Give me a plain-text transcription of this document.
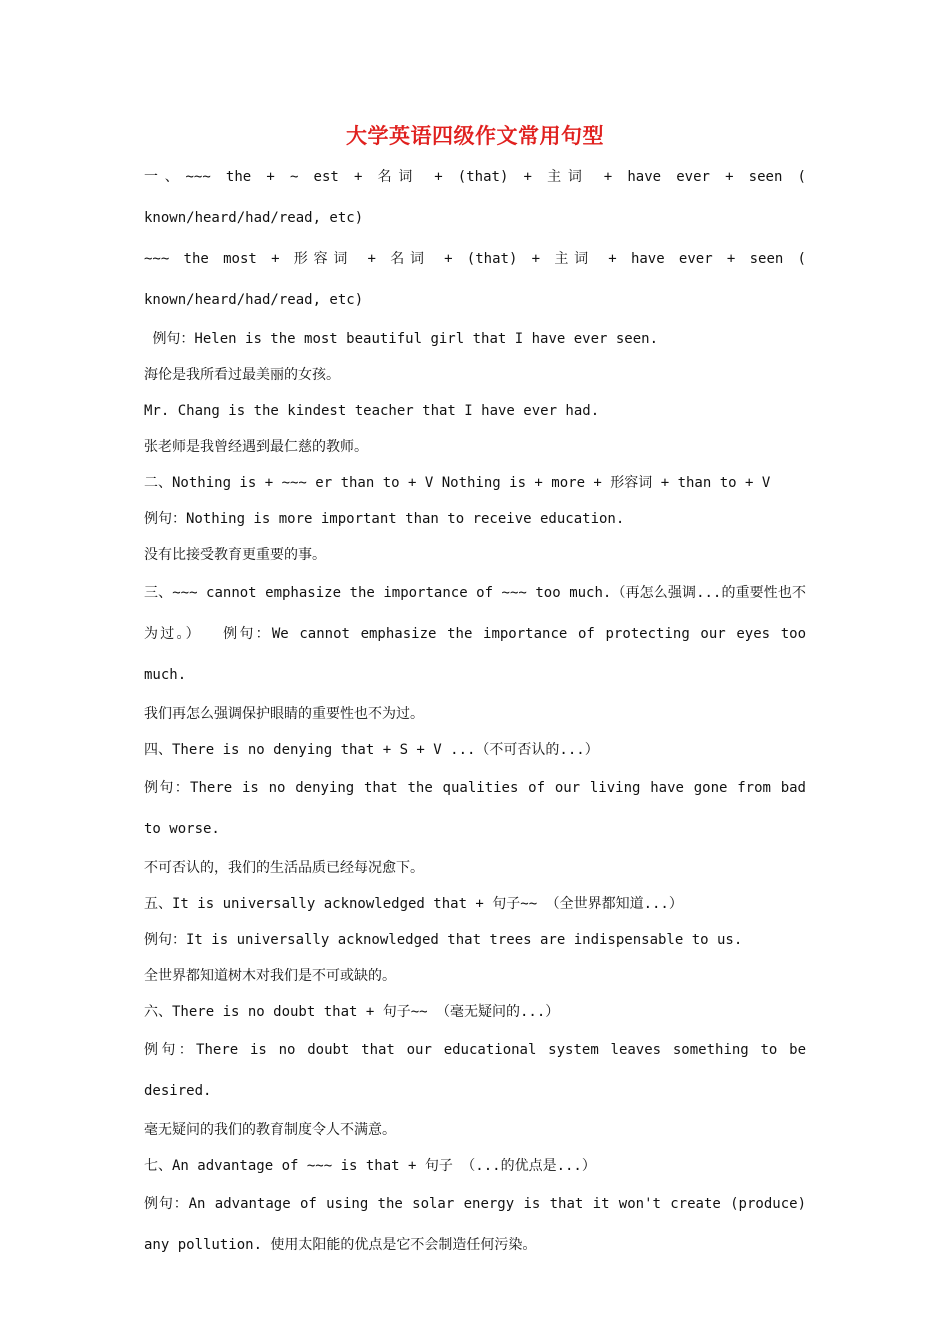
大学英语四级作文常用句型

一、~~~ the + ~ est + 名词 + (that) + 主词 + have ever + seen ( known/heard/had/read, etc)

~~~ the most + 形容词 + 名词 + (that) + 主词 + have ever + seen ( known/heard/had/read, etc)

例句：Helen is the most beautiful girl that I have ever seen.

海伦是我所看过最美丽的女孩。

Mr. Chang is the kindest teacher that I have ever had.

张老师是我曾经遇到最仁慈的教师。

二、Nothing is + ~~~ er than to + V Nothing is + more + 形容词 + than to + V

例句：Nothing is more important than to receive education.

没有比接受教育更重要的事。

三、~~~ cannot emphasize the importance of ~~~ too much.（再怎么强调...的重要性也不为过。）  例句：We cannot emphasize the importance of protecting our eyes too much.

我们再怎么强调保护眼睛的重要性也不为过。

四、There is no denying that + S + V ...（不可否认的...）

例句：There is no denying that the qualities of our living have gone from bad to worse.

不可否认的，我们的生活品质已经每况愈下。

五、It is universally acknowledged that + 句子~~ （全世界都知道...）

例句：It is universally acknowledged that trees are indispensable to us.

全世界都知道树木对我们是不可或缺的。

六、There is no doubt that + 句子~~ （毫无疑问的...）

例句：There is no doubt that our educational system leaves something to be desired.

毫无疑问的我们的教育制度令人不满意。

七、An advantage of ~~~ is that + 句子 （...的优点是...）

例句：An advantage of using the solar energy is that it won't create (produce) any pollution. 使用太阳能的优点是它不会制造任何污染。
